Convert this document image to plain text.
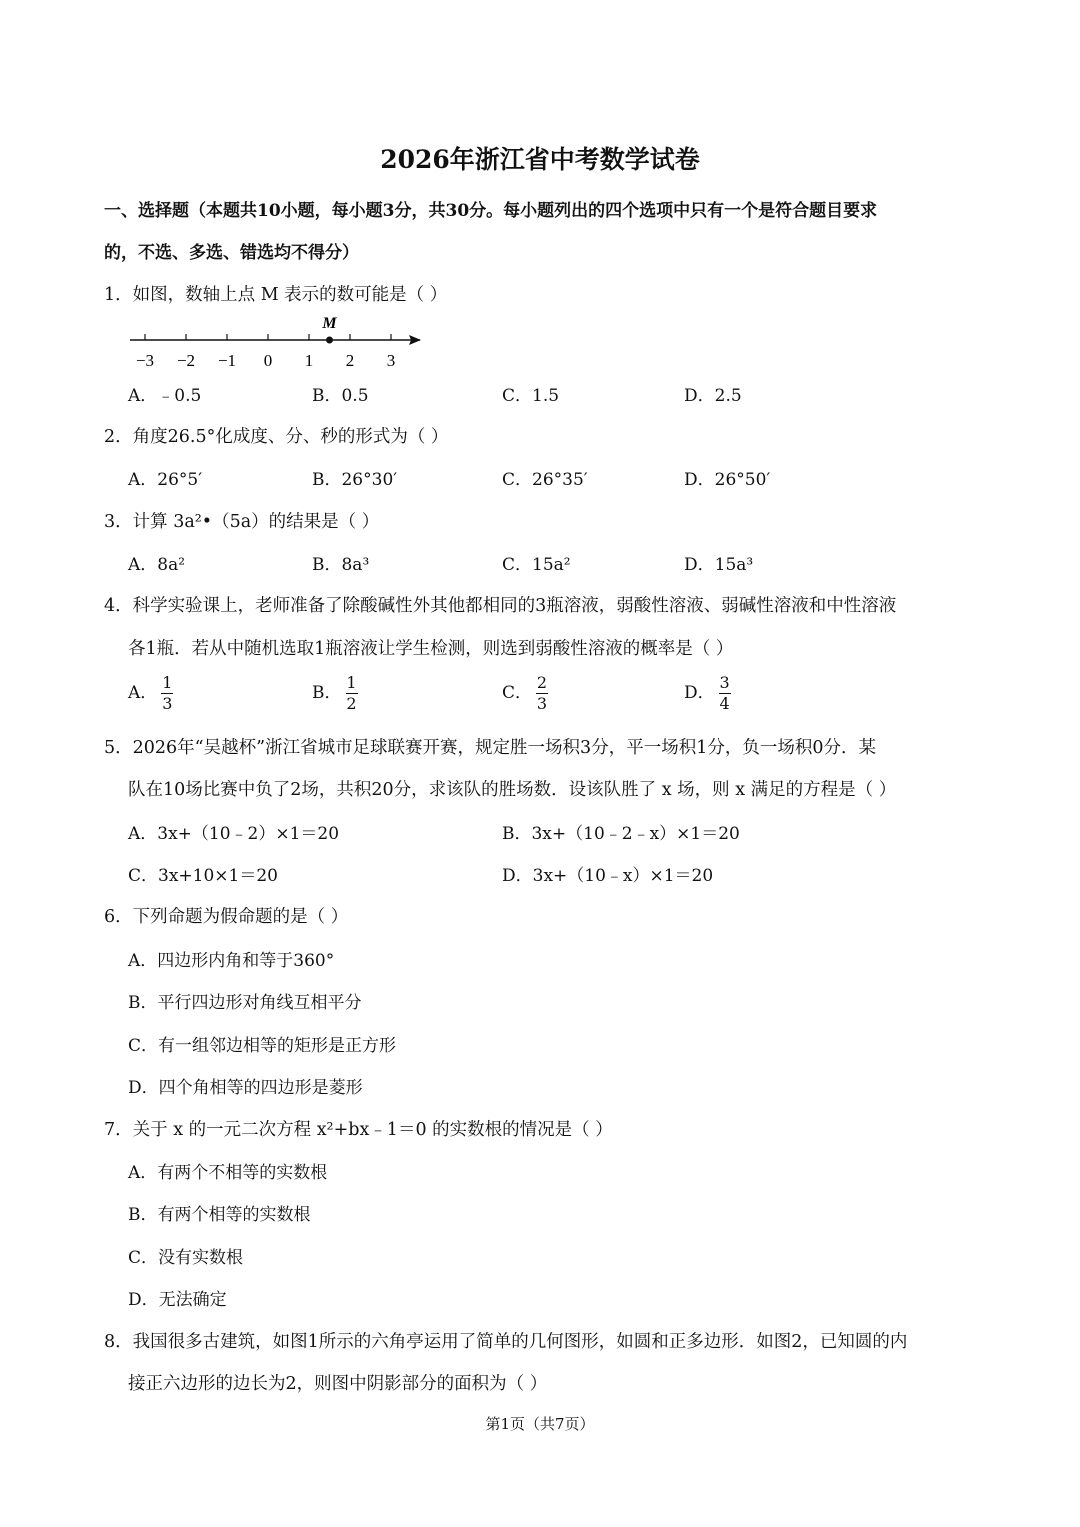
2026年浙江省中考数学试卷
一、选择题（本题共10小题，每小题3分，共30分。每小题列出的四个选项中只有一个是符合题目要求
的，不选、多选、错选均不得分）
1．如图，数轴上点 M 表示的数可能是（ ）
−3 −2 −1 0 1 2 3
M
A．﹣0.5	B．0.5	C．1.5	D．2.5
2．角度26.5°化成度、分、秒的形式为（ ）
A．26°5′	B．26°30′	C．26°35′	D．26°50′
3．计算 3a²•（5a）的结果是（ ）
A．8a²	B．8a³	C．15a²	D．15a³
4．科学实验课上，老师准备了除酸碱性外其他都相同的3瓶溶液，弱酸性溶液、弱碱性溶液和中性溶液
各1瓶．若从中随机选取1瓶溶液让学生检测，则选到弱酸性溶液的概率是（ ）
A． $\frac{1}{3}$	B． $\frac{1}{2}$	C． $\frac{2}{3}$	D． $\frac{3}{4}$
5．2026年“吴越杯”浙江省城市足球联赛开赛，规定胜一场积3分，平一场积1分，负一场积0分．某
队在10场比赛中负了2场，共积20分，求该队的胜场数．设该队胜了 x 场，则 x 满足的方程是（ ）
A．3x+（10﹣2）×1＝20	B．3x+（10﹣2﹣x）×1＝20
C．3x+10×1＝20	D．3x+（10﹣x）×1＝20
6．下列命题为假命题的是（ ）
A．四边形内角和等于360°
B．平行四边形对角线互相平分
C．有一组邻边相等的矩形是正方形
D．四个角相等的四边形是菱形
7．关于 x 的一元二次方程 x²+bx﹣1＝0 的实数根的情况是（ ）
A．有两个不相等的实数根
B．有两个相等的实数根
C．没有实数根
D．无法确定
8．我国很多古建筑，如图1所示的六角亭运用了简单的几何图形，如圆和正多边形．如图2，已知圆的内
接正六边形的边长为2，则图中阴影部分的面积为（ ）
第1页（共7页）
